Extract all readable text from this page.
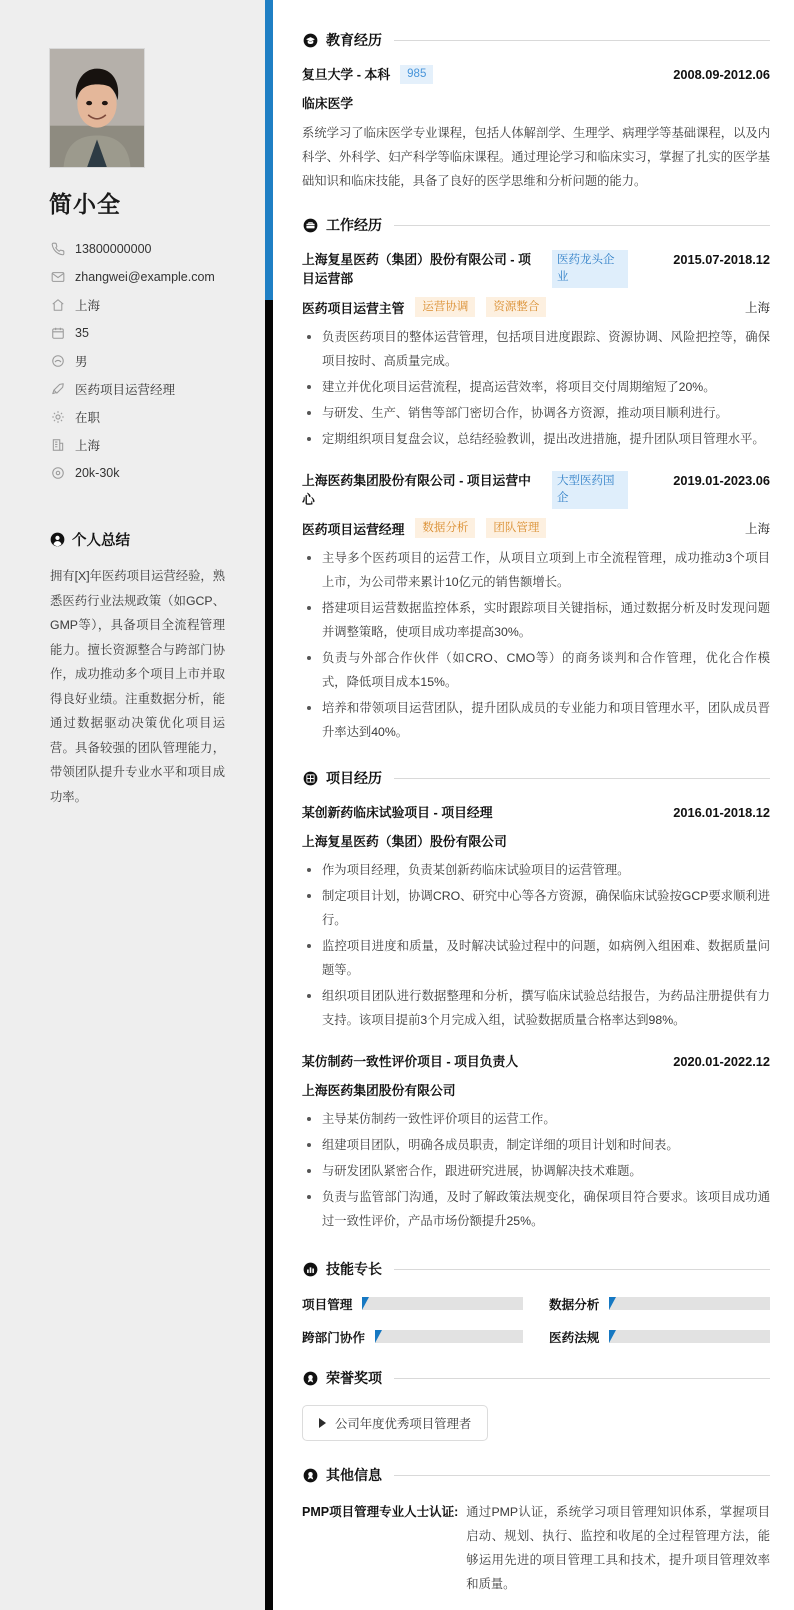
简小全
13800000000
zhangwei@example.com
上海
35
男
医药项目运营经理
在职
上海
20k-30k
个人总结
拥有[X]年医药项目运营经验，熟悉医药行业法规政策（如GCP、GMP等），具备项目全流程管理能力。擅长资源整合与跨部门协作，成功推动多个项目上市并取得良好业绩。注重数据分析，能通过数据驱动决策优化项目运营。具备较强的团队管理能力，带领团队提升专业水平和项目成功率。
教育经历
复旦大学 - 本科	985	2008.09-2012.06
临床医学
系统学习了临床医学专业课程，包括人体解剖学、生理学、病理学等基础课程，以及内科学、外科学、妇产科学等临床课程。通过理论学习和临床实习，掌握了扎实的医学基础知识和临床技能，具备了良好的医学思维和分析问题的能力。
工作经历
上海复星医药（集团）股份有限公司 - 项目运营部
医药龙头企业
2015.07-2018.12
医药项目运营主管	运营协调	资源整合	上海
负责医药项目的整体运营管理，包括项目进度跟踪、资源协调、风险把控等，确保项目按时、高质量完成。
建立并优化项目运营流程，提高运营效率，将项目交付周期缩短了20%。
与研发、生产、销售等部门密切合作，协调各方资源，推动项目顺利进行。
定期组织项目复盘会议，总结经验教训，提出改进措施，提升团队项目管理水平。
上海医药集团股份有限公司 - 项目运营中心
大型医药国企
2019.01-2023.06
医药项目运营经理	数据分析	团队管理	上海
主导多个医药项目的运营工作，从项目立项到上市全流程管理，成功推动3个项目上市，为公司带来累计10亿元的销售额增长。
搭建项目运营数据监控体系，实时跟踪项目关键指标，通过数据分析及时发现问题并调整策略，使项目成功率提高30%。
负责与外部合作伙伴（如CRO、CMO等）的商务谈判和合作管理，优化合作模式，降低项目成本15%。
培养和带领项目运营团队，提升团队成员的专业能力和项目管理水平，团队成员晋升率达到40%。
项目经历
某创新药临床试验项目 - 项目经理	2016.01-2018.12
上海复星医药（集团）股份有限公司
作为项目经理，负责某创新药临床试验项目的运营管理。
制定项目计划，协调CRO、研究中心等各方资源，确保临床试验按GCP要求顺利进行。
监控项目进度和质量，及时解决试验过程中的问题，如病例入组困难、数据质量问题等。
组织项目团队进行数据整理和分析，撰写临床试验总结报告，为药品注册提供有力支持。该项目提前3个月完成入组，试验数据质量合格率达到98%。
某仿制药一致性评价项目 - 项目负责人	2020.01-2022.12
上海医药集团股份有限公司
主导某仿制药一致性评价项目的运营工作。
组建项目团队，明确各成员职责，制定详细的项目计划和时间表。
与研发团队紧密合作，跟进研究进展，协调解决技术难题。
负责与监管部门沟通，及时了解政策法规变化，确保项目符合要求。该项目成功通过一致性评价，产品市场份额提升25%。
技能专长
项目管理	数据分析
跨部门协作	医药法规
荣誉奖项
公司年度优秀项目管理者
其他信息
PMP项目管理专业人士认证: 通过PMP认证，系统学习项目管理知识体系，掌握项目启动、规划、执行、监控和收尾的全过程管理方法，能够运用先进的项目管理工具和技术，提升项目管理效率和质量。
